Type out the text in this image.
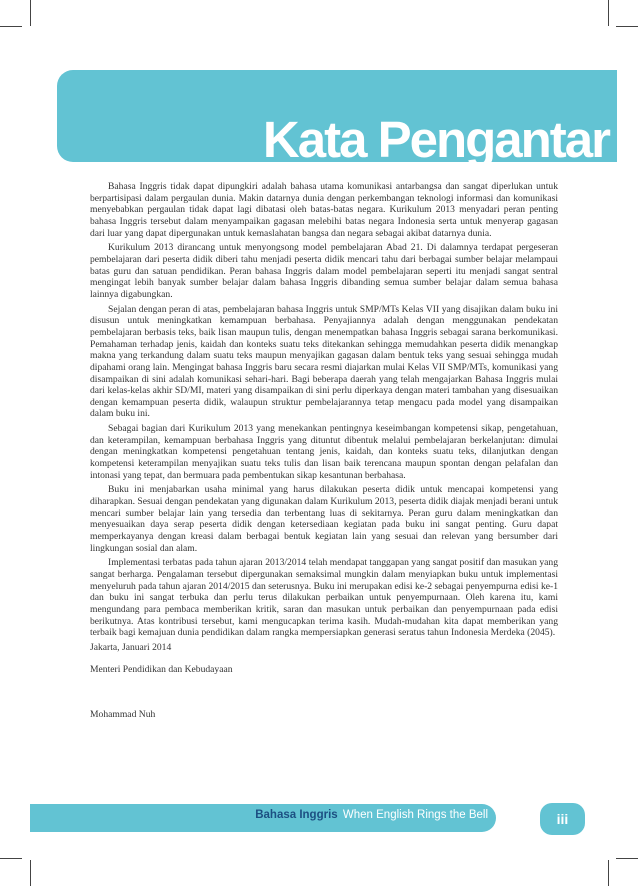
Kata Pengantar

Bahasa Inggris tidak dapat dipungkiri adalah bahasa utama komunikasi antarbangsa dan sangat diperlukan untuk berpartisipasi dalam pergaulan dunia. Makin datarnya dunia dengan perkembangan teknologi informasi dan komunikasi menyebabkan pergaulan tidak dapat lagi dibatasi oleh batas-batas negara. Kurikulum 2013 menyadari peran penting bahasa Inggris tersebut dalam menyampaikan gagasan melebihi batas negara Indonesia serta untuk menyerap gagasan dari luar yang dapat dipergunakan untuk kemaslahatan bangsa dan negara sebagai akibat datarnya dunia.

Kurikulum 2013 dirancang untuk menyongsong model pembelajaran Abad 21. Di dalamnya terdapat pergeseran pembelajaran dari peserta didik diberi tahu menjadi peserta didik mencari tahu dari berbagai sumber belajar melampaui batas guru dan satuan pendidikan. Peran bahasa Inggris dalam model pembelajaran seperti itu menjadi sangat sentral mengingat lebih banyak sumber belajar dalam bahasa Inggris dibanding semua sumber belajar dalam semua bahasa lainnya digabungkan.

Sejalan dengan peran di atas, pembelajaran bahasa Inggris untuk SMP/MTs Kelas VII yang disajikan dalam buku ini disusun untuk meningkatkan kemampuan berbahasa. Penyajiannya adalah dengan menggunakan pendekatan pembelajaran berbasis teks, baik lisan maupun tulis, dengan menempatkan bahasa Inggris sebagai sarana berkomunikasi. Pemahaman terhadap jenis, kaidah dan konteks suatu teks ditekankan sehingga memudahkan peserta didik menangkap makna yang terkandung dalam suatu teks maupun menyajikan gagasan dalam bentuk teks yang sesuai sehingga mudah dipahami orang lain. Mengingat bahasa Inggris baru secara resmi diajarkan mulai Kelas VII SMP/MTs, komunikasi yang disampaikan di sini adalah komunikasi sehari-hari. Bagi beberapa daerah yang telah mengajarkan Bahasa Inggris mulai dari kelas-kelas akhir SD/MI, materi yang disampaikan di sini perlu diperkaya dengan materi tambahan yang disesuaikan dengan kemampuan peserta didik, walaupun struktur pembelajarannya tetap mengacu pada model yang disampaikan dalam buku ini.

Sebagai bagian dari Kurikulum 2013 yang menekankan pentingnya keseimbangan kompetensi sikap, pengetahuan, dan keterampilan, kemampuan berbahasa Inggris yang dituntut dibentuk melalui pembelajaran berkelanjutan: dimulai dengan meningkatkan kompetensi pengetahuan tentang jenis, kaidah, dan konteks suatu teks, dilanjutkan dengan kompetensi keterampilan menyajikan suatu teks tulis dan lisan baik terencana maupun spontan dengan pelafalan dan intonasi yang tepat, dan bermuara pada pembentukan sikap kesantunan berbahasa.

Buku ini menjabarkan usaha minimal yang harus dilakukan peserta didik untuk mencapai kompetensi yang diharapkan. Sesuai dengan pendekatan yang digunakan dalam Kurikulum 2013, peserta didik diajak menjadi berani untuk mencari sumber belajar lain yang tersedia dan terbentang luas di sekitarnya. Peran guru dalam meningkatkan dan menyesuaikan daya serap peserta didik dengan ketersediaan kegiatan pada buku ini sangat penting. Guru dapat memperkayanya dengan kreasi dalam berbagai bentuk kegiatan lain yang sesuai dan relevan yang bersumber dari lingkungan sosial dan alam.

Implementasi terbatas pada tahun ajaran 2013/2014 telah mendapat tanggapan yang sangat positif dan masukan yang sangat berharga. Pengalaman tersebut dipergunakan semaksimal mungkin dalam menyiapkan buku untuk implementasi menyeluruh pada tahun ajaran 2014/2015 dan seterusnya. Buku ini merupakan edisi ke-2 sebagai penyempurna edisi ke-1 dan buku ini sangat terbuka dan perlu terus dilakukan perbaikan untuk penyempurnaan. Oleh karena itu, kami mengundang para pembaca memberikan kritik, saran dan masukan untuk perbaikan dan penyempurnaan pada edisi berikutnya. Atas kontribusi tersebut, kami mengucapkan terima kasih. Mudah-mudahan kita dapat memberikan yang terbaik bagi kemajuan dunia pendidikan dalam rangka mempersiapkan generasi seratus tahun Indonesia Merdeka (2045).

Jakarta, Januari 2014

Menteri Pendidikan dan Kebudayaan

Mohammad Nuh

Bahasa Inggris When English Rings the Bell	iii
